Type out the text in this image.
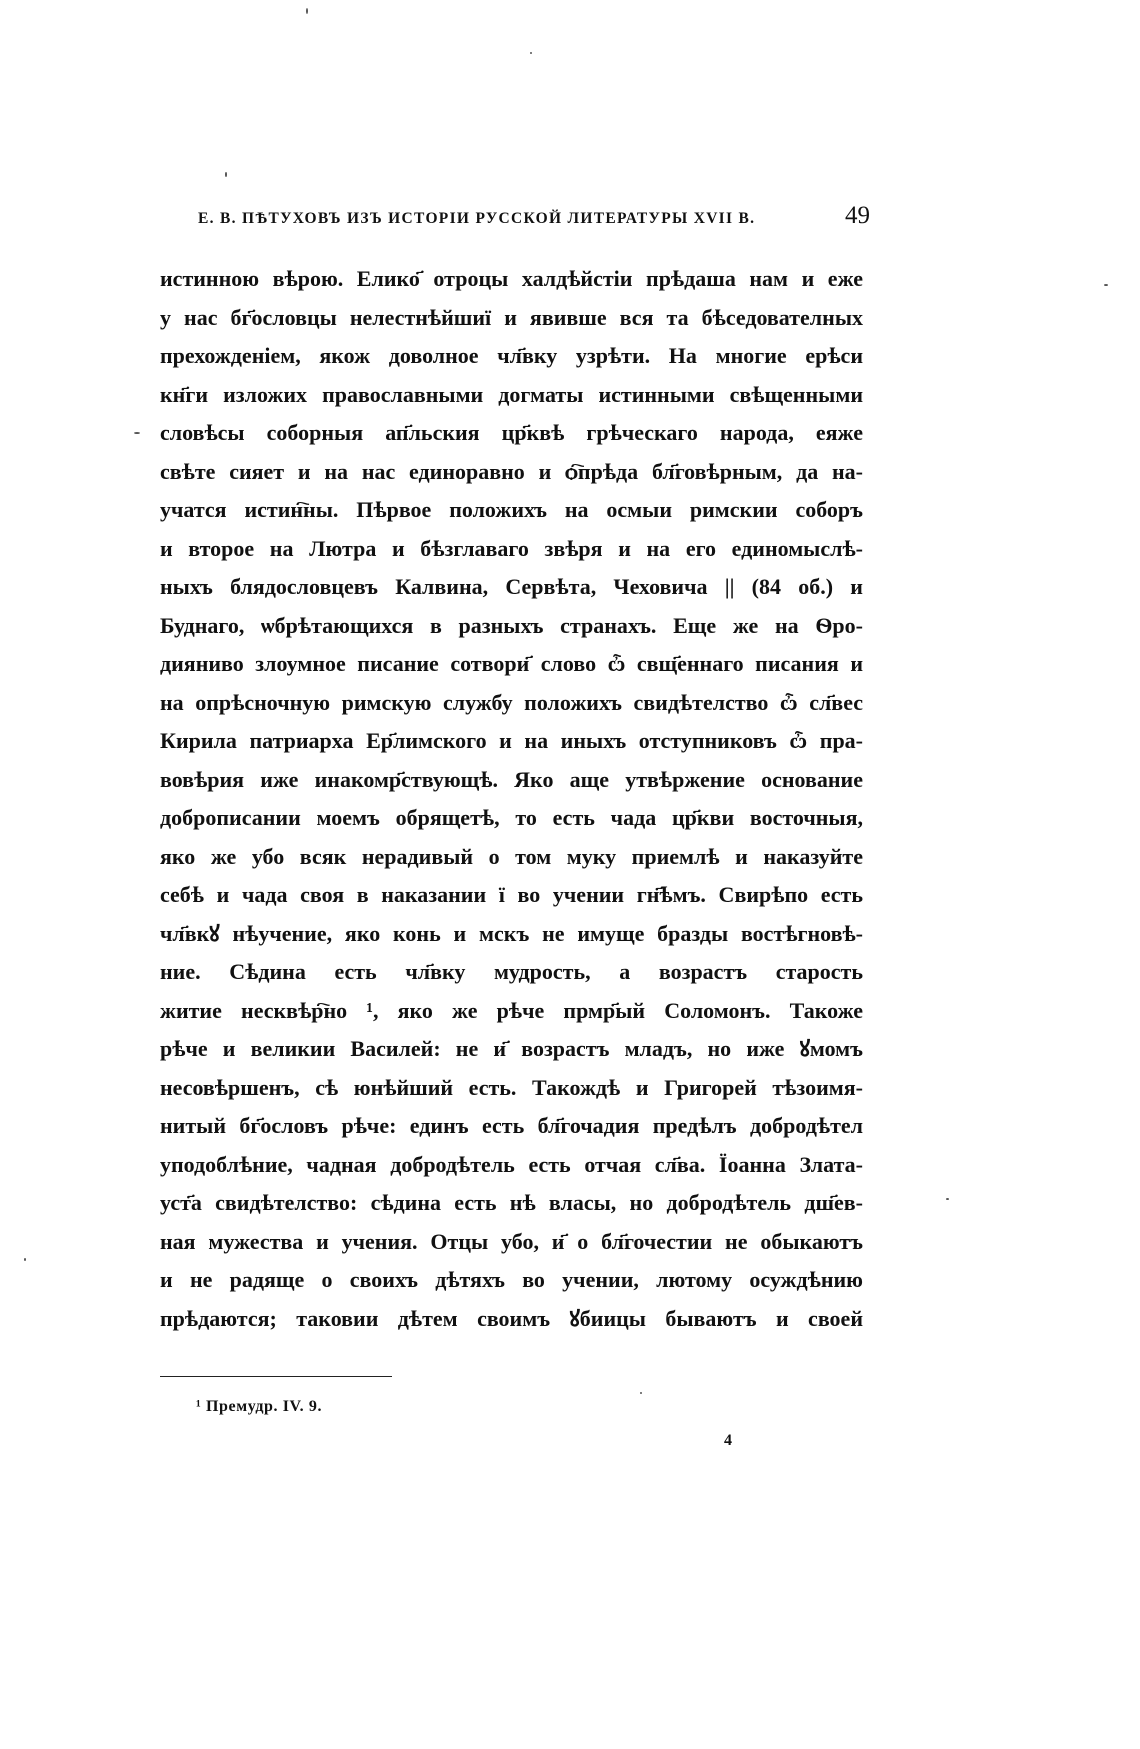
Е. В. ПѢТУХОВЪ ИЗЪ ИСТОРІИ РУССКОЙ ЛИТЕРАТУРЫ XVII В.	49
истинною вѣрою. Елико҃ отроцы халдѣйстіи прѣдаша нам и еже
у нас бг҃ословцы нелестнѣйшиї и явивше вся та бѣседователных
прехожденіем, якож доволное чл҃вку узрѣти. На многие ерѣси
кн҃ги изложих православными догматы истинными свѣщенными
словѣсы соборныя ап҃льския цр҃квѣ грѣческаго народа, еяже
свѣте сияет и на нас единоравно и ѻ҇прѣда бл҃говѣрным, да на-
учатся истин҇ны. Пѣрвое положихъ на осмыи римскии соборъ
и второе на Лютра и бѣзглаваго звѣря и на его единомыслѣ-
ныхъ блядословцевъ Калвина, Сервѣта, Чеховича || (84 об.) и
Буднаго, ѡбрѣтающихся в разныхъ странахъ. Еще же на Ѳро-
дияниво злоумное писание сотвори҃ слово ѽ свщ҃еннаго писания и
на опрѣсночную римскую службу положихъ свидѣтелство ѽ сл҃вес
Кирила патриарха Ер҃лимского и на иныхъ отступниковъ ѽ пра-
вовѣрия иже инакомр҃ствующѣ. Яко аще утвѣржение основание
доброписании моемъ обрящетѣ, то есть чада цр҃кви восточныя,
яко же убо всяк нерадивый о том муку приемлѣ и наказуйте
себѣ и чада своя в наказании ї во учении гн҃ѣмъ. Свирѣпо есть
чл҃вкꙋ нѣучение, яко конь и мскъ не имуще бразды востѣгновѣ-
ние. Сѣдина есть чл҃вку мудрость, а возрастъ старость
житие несквѣр҇но ¹, яко же рѣче прмр҃ый Соломонъ. Такоже
рѣче и великии Василей: не и҃ возрастъ младъ, но иже ꙋмомъ
несовѣршенъ, сѣ юнѣйший есть. Такождѣ и Григорей тѣзоимя-
нитый бг҃ословъ рѣче: единъ есть бл҃гочадия предѣлъ добродѣтел
уподоблѣние, чадная добродѣтель есть отчая сл҃ва. Їоанна Злата-
уст҃а свидѣтелство: сѣдина есть нѣ власы, но добродѣтель дш҃ев-
ная мужества и учения. Отцы убо, и҃ о бл҃гочестии не обыкаютъ
и не радяще о своихъ дѣтяхъ во учении, лютому осуждѣнию
прѣдаются; таковии дѣтем своимъ ꙋбиицы бываютъ и своей
¹ Премудр. IV. 9.
4
